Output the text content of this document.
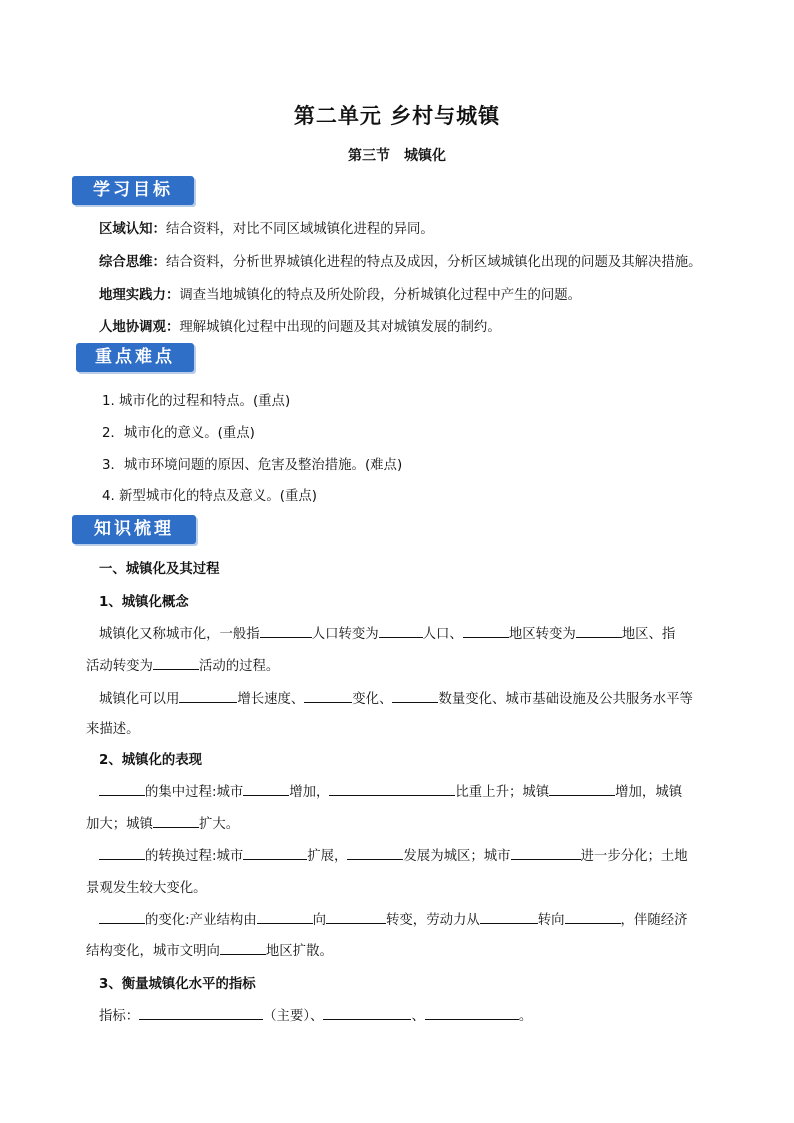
第二单元 乡村与城镇
第三节 城镇化
学习目标
区域认知：结合资料，对比不同区域城镇化进程的异同。
综合思维：结合资料，分析世界城镇化进程的特点及成因，分析区域城镇化出现的问题及其解决措施。
地理实践力：调查当地城镇化的特点及所处阶段，分析城镇化过程中产生的问题。
人地协调观：理解城镇化过程中出现的问题及其对城镇发展的制约。
重点难点
1. 城市化的过程和特点。(重点)
2．城市化的意义。(重点)
3．城市环境问题的原因、危害及整治措施。(难点)
4. 新型城市化的特点及意义。(重点)
知识梳理
一、城镇化及其过程
1、城镇化概念
城镇化又称城市化，一般指	人口转变为	人口、	地区转变为	地区、指
活动转变为	活动的过程。
城镇化可以用	增长速度、	变化、	数量变化、城市基础设施及公共服务水平等
来描述。
2、城镇化的表现
的集中过程:城市	增加，	比重上升；城镇	增加，城镇
加大；城镇	扩大。
的转换过程:城市	扩展，	发展为城区；城市	进一步分化；土地
景观发生较大变化。
的变化:产业结构由	向	转变，劳动力从	转向	，伴随经济
结构变化，城市文明向	地区扩散。
3、衡量城镇化水平的指标
指标：	（主要）、	、	。
